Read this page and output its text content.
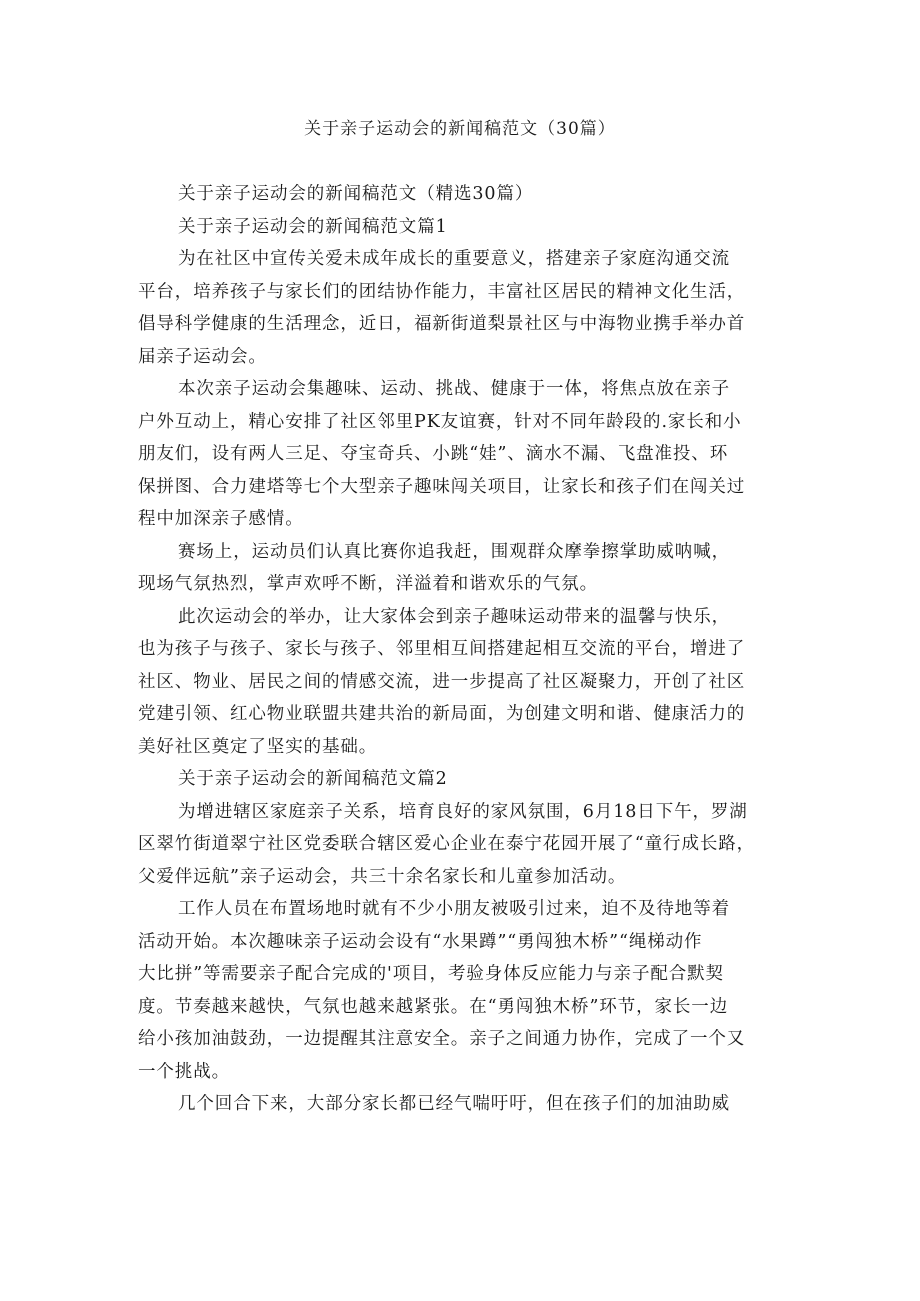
关于亲子运动会的新闻稿范文（30篇）
关于亲子运动会的新闻稿范文（精选30篇）
关于亲子运动会的新闻稿范文篇1
为在社区中宣传关爱未成年成长的重要意义，搭建亲子家庭沟通交流
平台，培养孩子与家长们的团结协作能力，丰富社区居民的精神文化生活，
倡导科学健康的生活理念，近日，福新街道梨景社区与中海物业携手举办首
届亲子运动会。
本次亲子运动会集趣味、运动、挑战、健康于一体，将焦点放在亲子
户外互动上，精心安排了社区邻里PK友谊赛，针对不同年龄段的.家长和小
朋友们，设有两人三足、夺宝奇兵、小跳“娃”、滴水不漏、飞盘准投、环
保拼图、合力建塔等七个大型亲子趣味闯关项目，让家长和孩子们在闯关过
程中加深亲子感情。
赛场上，运动员们认真比赛你追我赶，围观群众摩拳擦掌助威呐喊，
现场气氛热烈，掌声欢呼不断，洋溢着和谐欢乐的气氛。
此次运动会的举办，让大家体会到亲子趣味运动带来的温馨与快乐，
也为孩子与孩子、家长与孩子、邻里相互间搭建起相互交流的平台，增进了
社区、物业、居民之间的情感交流，进一步提高了社区凝聚力，开创了社区
党建引领、红心物业联盟共建共治的新局面，为创建文明和谐、健康活力的
美好社区奠定了坚实的基础。
关于亲子运动会的新闻稿范文篇2
为增进辖区家庭亲子关系，培育良好的家风氛围，6月18日下午，罗湖
区翠竹街道翠宁社区党委联合辖区爱心企业在泰宁花园开展了“童行成长路，
父爱伴远航”亲子运动会，共三十余名家长和儿童参加活动。
工作人员在布置场地时就有不少小朋友被吸引过来，迫不及待地等着
活动开始。本次趣味亲子运动会设有“水果蹲”“勇闯独木桥”“绳梯动作
大比拼”等需要亲子配合完成的'项目，考验身体反应能力与亲子配合默契
度。节奏越来越快，气氛也越来越紧张。在“勇闯独木桥”环节，家长一边
给小孩加油鼓劲，一边提醒其注意安全。亲子之间通力协作，完成了一个又
一个挑战。
几个回合下来，大部分家长都已经气喘吁吁，但在孩子们的加油助威
